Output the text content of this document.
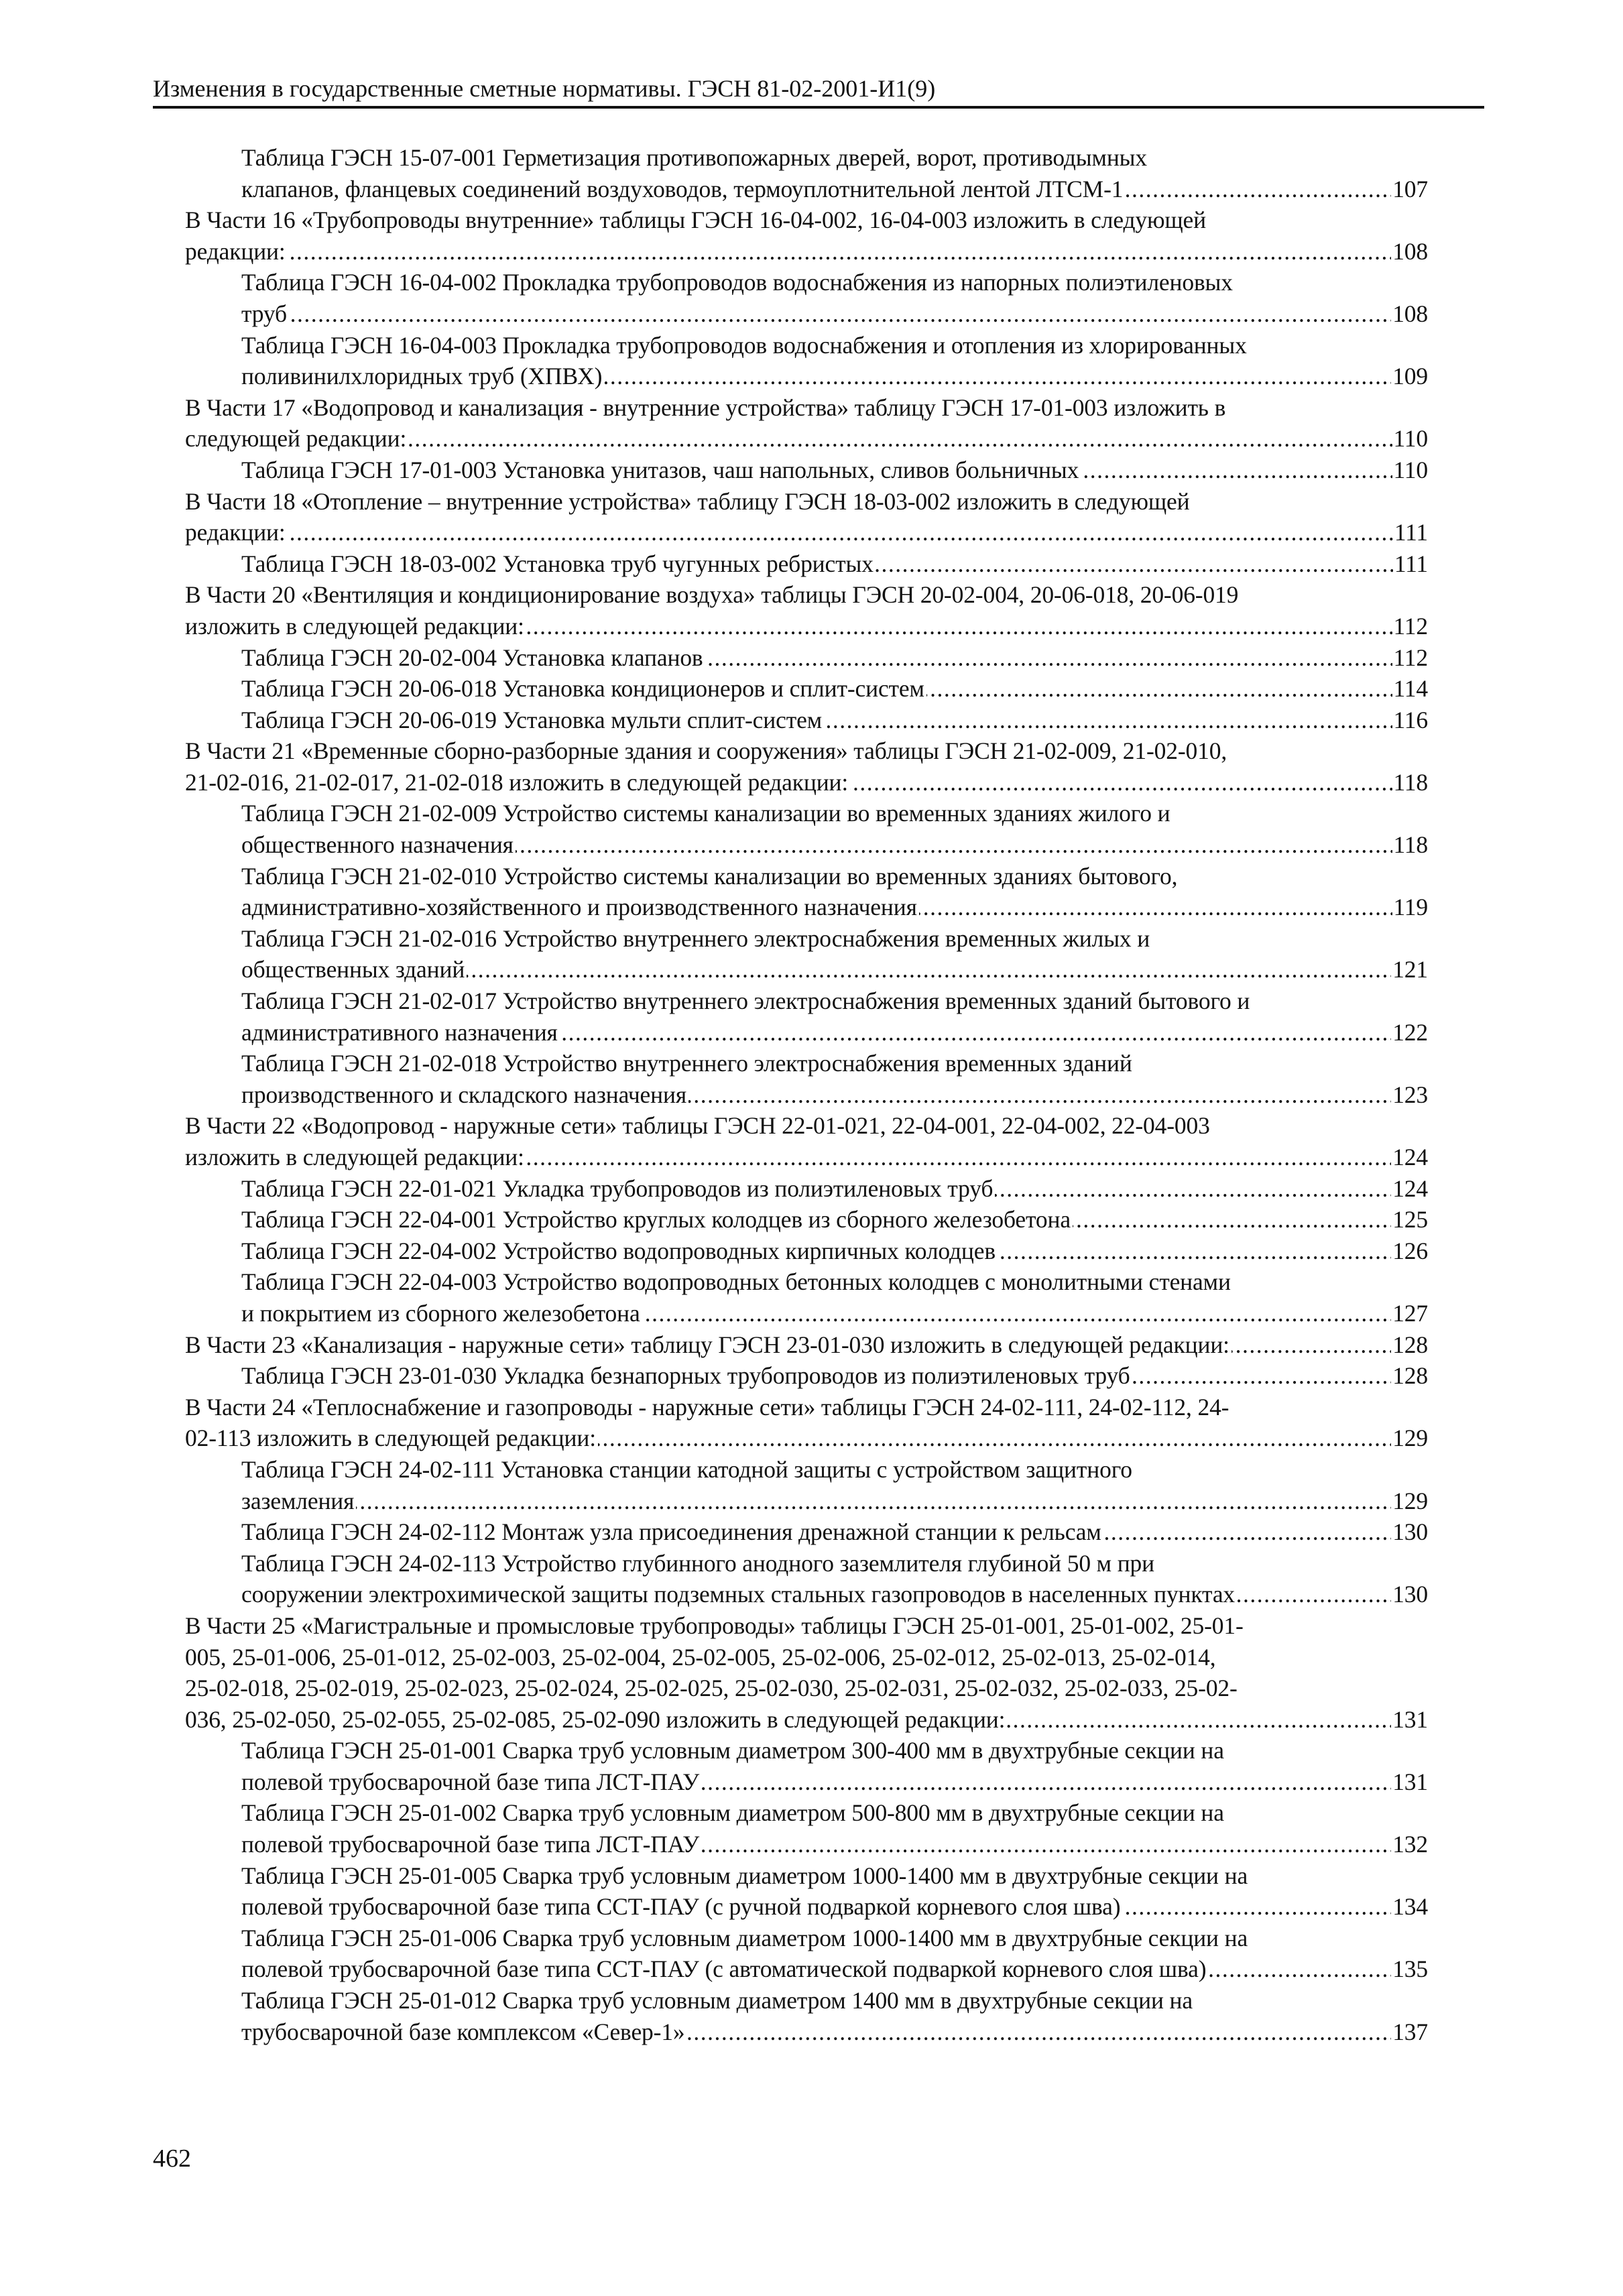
Изменения в государственные сметные нормативы. ГЭСН 81-02-2001-И1(9)
Таблица ГЭСН 15-07-001 Герметизация противопожарных дверей, ворот, противодымных
клапанов, фланцевых соединений воздуховодов, термоуплотнительной лентой ЛТСМ-1 .....	107
В Части 16 «Трубопроводы внутренние» таблицы ГЭСН 16-04-002, 16-04-003 изложить в следующей
редакции: .....	108
Таблица ГЭСН 16-04-002 Прокладка трубопроводов водоснабжения из напорных полиэтиленовых
труб .....	108
Таблица ГЭСН 16-04-003 Прокладка трубопроводов водоснабжения и отопления из хлорированных
поливинилхлоридных труб (ХПВХ) .....	109
В Части 17 «Водопровод и канализация - внутренние устройства» таблицу ГЭСН 17-01-003 изложить в
следующей редакции: .....	110
Таблица ГЭСН 17-01-003 Установка унитазов, чаш напольных, сливов больничных .....	110
В Части 18 «Отопление – внутренние устройства» таблицу ГЭСН 18-03-002 изложить в следующей
редакции: .....	111
Таблица ГЭСН 18-03-002 Установка труб чугунных ребристых .....	111
В Части 20 «Вентиляция и кондиционирование воздуха» таблицы ГЭСН 20-02-004, 20-06-018, 20-06-019
изложить в следующей редакции: .....	112
Таблица ГЭСН 20-02-004 Установка клапанов .....	112
Таблица ГЭСН 20-06-018 Установка кондиционеров и сплит-систем .....	114
Таблица ГЭСН 20-06-019 Установка мульти сплит-систем .....	116
В Части 21 «Временные сборно-разборные здания и сооружения» таблицы ГЭСН 21-02-009, 21-02-010,
21-02-016, 21-02-017, 21-02-018 изложить в следующей редакции: .....	118
Таблица ГЭСН 21-02-009 Устройство системы канализации во временных зданиях жилого и
общественного назначения .....	118
Таблица ГЭСН 21-02-010 Устройство системы канализации во временных зданиях бытового,
административно-хозяйственного и производственного назначения .....	119
Таблица ГЭСН 21-02-016 Устройство внутреннего электроснабжения временных жилых и
общественных зданий .....	121
Таблица ГЭСН 21-02-017 Устройство внутреннего электроснабжения временных зданий бытового и
административного назначения .....	122
Таблица ГЭСН 21-02-018 Устройство внутреннего электроснабжения временных зданий
производственного и складского назначения .....	123
В Части 22 «Водопровод - наружные сети» таблицы ГЭСН 22-01-021, 22-04-001, 22-04-002, 22-04-003
изложить в следующей редакции: .....	124
Таблица ГЭСН 22-01-021 Укладка трубопроводов из полиэтиленовых труб .....	124
Таблица ГЭСН 22-04-001 Устройство круглых колодцев из сборного железобетона .....	125
Таблица ГЭСН 22-04-002 Устройство водопроводных кирпичных колодцев .....	126
Таблица ГЭСН 22-04-003 Устройство водопроводных бетонных колодцев с монолитными стенами
и покрытием из сборного железобетона .....	127
В Части 23 «Канализация - наружные сети» таблицу ГЭСН 23-01-030 изложить в следующей редакции: .....	128
Таблица ГЭСН 23-01-030 Укладка безнапорных трубопроводов из полиэтиленовых труб .....	128
В Части 24 «Теплоснабжение и газопроводы - наружные сети» таблицы ГЭСН 24-02-111, 24-02-112, 24-
02-113 изложить в следующей редакции: .....	129
Таблица ГЭСН 24-02-111 Установка станции катодной защиты с устройством защитного
заземления .....	129
Таблица ГЭСН 24-02-112 Монтаж узла присоединения дренажной станции к рельсам .....	130
Таблица ГЭСН 24-02-113 Устройство глубинного анодного заземлителя глубиной 50 м при
сооружении электрохимической защиты подземных стальных газопроводов в населенных пунктах .....	130
В Части 25 «Магистральные и промысловые трубопроводы» таблицы ГЭСН 25-01-001, 25-01-002, 25-01-
005, 25-01-006, 25-01-012, 25-02-003, 25-02-004, 25-02-005, 25-02-006, 25-02-012, 25-02-013, 25-02-014,
25-02-018, 25-02-019, 25-02-023, 25-02-024, 25-02-025, 25-02-030, 25-02-031, 25-02-032, 25-02-033, 25-02-
036, 25-02-050, 25-02-055, 25-02-085, 25-02-090 изложить в следующей редакции: .....	131
Таблица ГЭСН 25-01-001 Сварка труб условным диаметром 300-400 мм в двухтрубные секции на
полевой трубосварочной базе типа ЛСТ-ПАУ .....	131
Таблица ГЭСН 25-01-002 Сварка труб условным диаметром 500-800 мм в двухтрубные секции на
полевой трубосварочной базе типа ЛСТ-ПАУ .....	132
Таблица ГЭСН 25-01-005 Сварка труб условным диаметром 1000-1400 мм в двухтрубные секции на
полевой трубосварочной базе типа ССТ-ПАУ (с ручной подваркой корневого слоя шва) .....	134
Таблица ГЭСН 25-01-006 Сварка труб условным диаметром 1000-1400 мм в двухтрубные секции на
полевой трубосварочной базе типа ССТ-ПАУ (с автоматической подваркой корневого слоя шва) .....	135
Таблица ГЭСН 25-01-012 Сварка труб условным диаметром 1400 мм в двухтрубные секции на
трубосварочной базе комплексом «Север-1» .....	137
462
